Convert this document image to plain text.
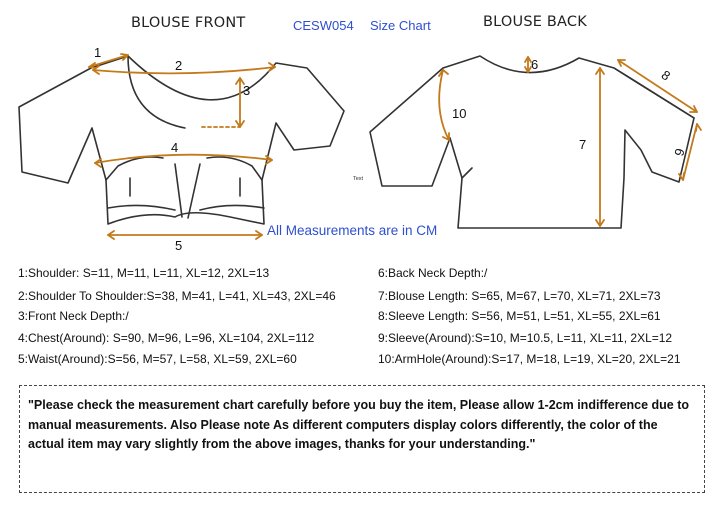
BLOUSE FRONT	CESW054 Size Chart	BLOUSE BACK
1
2
3
4
5
6
7
8
9
10
Text
All Measurements are in CM
1:Shoulder: S=11, M=11, L=11, XL=12, 2XL=13
2:Shoulder To Shoulder:S=38, M=41, L=41, XL=43, 2XL=46
3:Front Neck Depth:/
4:Chest(Around): S=90, M=96, L=96, XL=104, 2XL=112
5:Waist(Around):S=56, M=57, L=58, XL=59, 2XL=60
6:Back Neck Depth:/
7:Blouse Length: S=65, M=67, L=70, XL=71, 2XL=73
8:Sleeve Length: S=56, M=51, L=51, XL=55, 2XL=61
9:Sleeve(Around):S=10, M=10.5, L=11, XL=11, 2XL=12
10:ArmHole(Around):S=17, M=18, L=19, XL=20, 2XL=21
"Please check the measurement chart carefully before you buy the item, Please allow 1-2cm indifference due to manual measurements. Also Please note As different computers display colors differently, the color of the actual item may vary slightly from the above images, thanks for your understanding."
